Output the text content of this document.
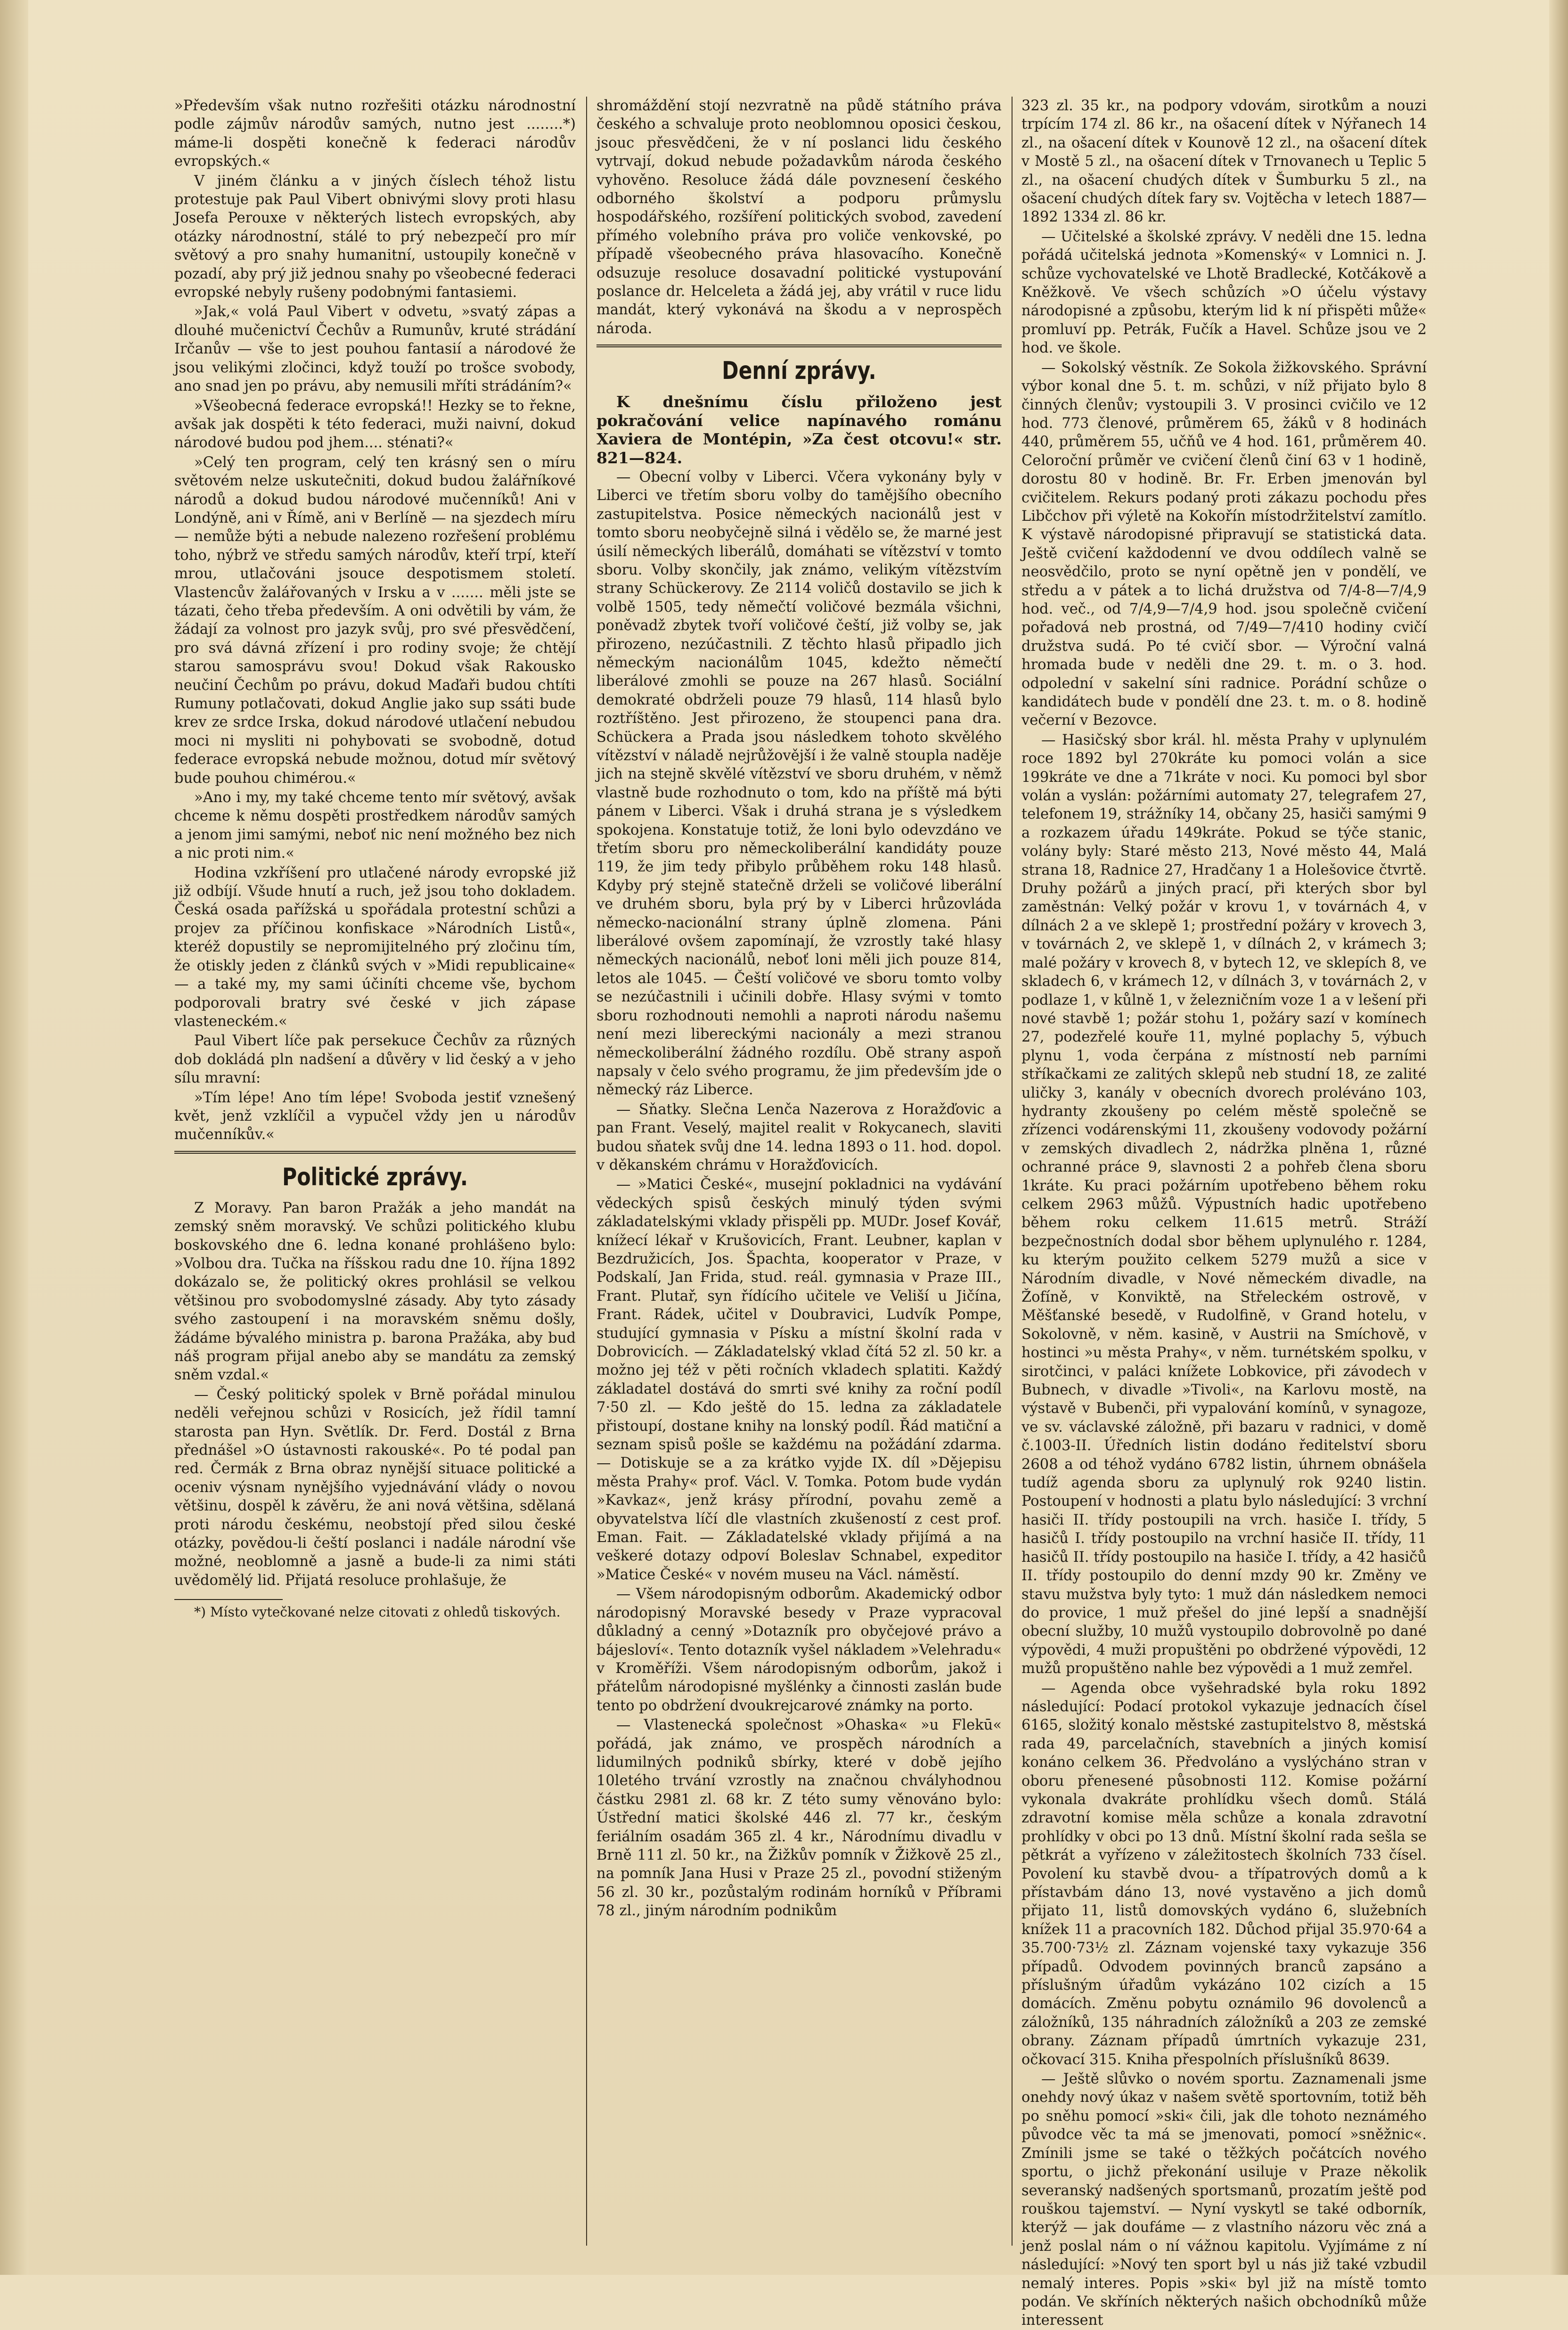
»Především však nutno rozřešiti otázku národnostní podle zájmův národův samých, nutno jest ........*) máme-li dospěti konečně k federaci národův evropských.«

V jiném článku a v jiných číslech téhož listu protestuje pak Paul Vibert obnivými slovy proti hlasu Josefa Perouxe v některých listech evropských, aby otázky národnostní, stálé to prý nebezpečí pro mír světový a pro snahy humanitní, ustoupily konečně v pozadí, aby prý již jednou snahy po všeobecné federaci evropské nebyly rušeny podobnými fantasiemi.

»Jak,« volá Paul Vibert v odvetu, »svatý zápas a dlouhé mučenictví Čechův a Rumunův, kruté strádání Irčanův — vše to jest pouhou fantasií a národové že jsou velikými zločinci, když touží po trošce svobody, ano snad jen po právu, aby nemusili mříti strádáním?«

»Všeobecná federace evropská!! Hezky se to řekne, avšak jak dospěti k této federaci, muži naivní, dokud národové budou pod jhem.... sténati?«

»Celý ten program, celý ten krásný sen o míru světovém nelze uskutečniti, dokud budou žalářníkové národů a dokud budou národové mučenníků! Ani v Londýně, ani v Římě, ani v Berlíně — na sjezdech míru — nemůže býti a nebude nalezeno rozřešení problému toho, nýbrž ve středu samých národův, kteří trpí, kteří mrou, utlačováni jsouce despotismem století. Vlastencův žalářovaných v Irsku a v ....... měli jste se tázati, čeho třeba především. A oni odvětili by vám, že žádají za volnost pro jazyk svůj, pro své přesvědčení, pro svá dávná zřízení i pro rodiny svoje; že chtějí starou samosprávu svou! Dokud však Rakousko neučiní Čechům po právu, dokud Maďaři budou chtíti Rumuny potlačovati, dokud Anglie jako sup ssáti bude krev ze srdce Irska, dokud národové utlačení nebudou moci ni mysliti ni pohybovati se svobodně, dotud federace evropská nebude možnou, dotud mír světový bude pouhou chimérou.«

»Ano i my, my také chceme tento mír světový, avšak chceme k němu dospěti prostředkem národův samých a jenom jimi samými, neboť nic není možného bez nich a nic proti nim.«

Hodina vzkříšení pro utlačené národy evropské již již odbíjí. Všude hnutí a ruch, jež jsou toho dokladem. Česká osada pařížská u spořádala protestní schůzi a projev za příčinou konfiskace »Národních Listů«, kteréž dopustily se nepromijitelného prý zločinu tím, že otiskly jeden z článků svých v »Midi republicaine« — a také my, my sami účiníti chceme vše, bychom podporovali bratry své české v jich zápase vlasteneckém.«

Paul Vibert líče pak persekuce Čechův za různých dob dokládá pln nadšení a důvěry v lid český a v jeho sílu mravní:

»Tím lépe! Ano tím lépe! Svoboda jestiť vznešený květ, jenž vzklíčil a vypučel vždy jen u národův mučenníkův.«

Politické zprávy.

Z Moravy. Pan baron Pražák a jeho mandát na zemský sněm moravský. Ve schůzi politického klubu boskovského dne 6. ledna konané prohlášeno bylo: »Volbou dra. Tučka na říšskou radu dne 10. října 1892 dokázalo se, že politický okres prohlásil se velkou většinou pro svobodomyslné zásady. Aby tyto zásady svého zastoupení i na moravském sněmu došly, žádáme bývalého ministra p. barona Pražáka, aby bud náš program přijal anebo aby se mandátu za zemský sněm vzdal.«

— Český politický spolek v Brně pořádal minulou neděli veřejnou schůzi v Rosicích, jež řídil tamní starosta pan Hyn. Světlík. Dr. Ferd. Dostál z Brna přednášel »O ústavnosti rakouské«. Po té podal pan red. Čermák z Brna obraz nynější situace politické a oceniv výsnam nynějšího vyjednávání vlády o novou většinu, dospěl k závěru, že ani nová většina, sdělaná proti národu českému, neobstojí před silou české otázky, povědou-li čeští poslanci i nadále národní vše možné, neoblomně a jasně a bude-li za nimi státi uvědomělý lid. Přijatá resoluce prohlašuje, že

*) Místo vytečkované nelze citovati z ohledů tiskových.

shromáždění stojí nezvratně na půdě státního práva českého a schvaluje proto neoblomnou oposici českou, jsouc přesvědčeni, že v ní poslanci lidu českého vytrvají, dokud nebude požadavkům národa českého vyhověno. Resoluce žádá dále povznesení českého odborného školství a podporu průmyslu hospodářského, rozšíření politických svobod, zavedení přímého volebního práva pro voliče venkovské, po případě všeobecného práva hlasovacího. Konečně odsuzuje resoluce dosavadní politické vystupování poslance dr. Helceleta a žádá jej, aby vrátil v ruce lidu mandát, který vykonává na škodu a v neprospěch národa.

Denní zprávy.

K dnešnímu číslu přiloženo jest pokračování velice napínavého románu Xaviera de Montépin, »Za čest otcovu!« str. 821—824.

— Obecní volby v Liberci. Včera vykonány byly v Liberci ve třetím sboru volby do tamějšího obecního zastupitelstva. Posice německých nacionálů jest v tomto sboru neobyčejně silná i vědělo se, že marné jest úsilí německých liberálů, domáhati se vítězství v tomto sboru. Volby skončily, jak známo, velikým vítězstvím strany Schückerovy. Ze 2114 voličů dostavilo se jich k volbě 1505, tedy němečtí voličové bezmála všichni, poněvadž zbytek tvoří voličové čeští, již volby se, jak přirozeno, nezúčastnili. Z těchto hlasů připadlo jich německým nacionálům 1045, kdežto němečtí liberálové zmohli se pouze na 267 hlasů. Sociální demokraté obdrželi pouze 79 hlasů, 114 hlasů bylo roztříštěno. Jest přirozeno, že stoupenci pana dra. Schückera a Prada jsou následkem tohoto skvělého vítězství v náladě nejrůžovější i že valně stoupla naděje jich na stejně skvělé vítězství ve sboru druhém, v němž vlastně bude rozhodnuto o tom, kdo na příště má býti pánem v Liberci. Však i druhá strana je s výsledkem spokojena. Konstatuje totiž, že loni bylo odevzdáno ve třetím sboru pro německoliberální kandidáty pouze 119, že jim tedy přibylo průběhem roku 148 hlasů. Kdyby prý stejně statečně drželi se voličové liberální ve druhém sboru, byla prý by v Liberci hrůzovláda německo-nacionální strany úplně zlomena. Páni liberálové ovšem zapomínají, že vzrostly také hlasy německých nacionálů, neboť loni měli jich pouze 814, letos ale 1045. — Čeští voličové ve sboru tomto volby se nezúčastnili i učinili dobře. Hlasy svými v tomto sboru rozhodnouti nemohli a naproti národu našemu není mezi libereckými nacionály a mezi stranou německoliberální žádného rozdílu. Obě strany aspoň napsaly v čelo svého programu, že jim především jde o německý ráz Liberce.

— Sňatky. Slečna Lenča Nazerova z Horažďovic a pan Frant. Veselý, majitel realit v Rokycanech, slaviti budou sňatek svůj dne 14. ledna 1893 o 11. hod. dopol. v děkanském chrámu v Horažďovicích.

— »Matici České«, musejní pokladnici na vydávání vědeckých spisů českých minulý týden svými základatelskými vklady přispěli pp. MUDr. Josef Kovář, knížecí lékař v Krušovicích, Frant. Leubner, kaplan v Bezdružicích, Jos. Špachta, kooperator v Praze, v Podskalí, Jan Frida, stud. reál. gymnasia v Praze III., Frant. Plutař, syn řídícího učitele ve Veliší u Jičína, Frant. Rádek, učitel v Doubravici, Ludvík Pompe, studující gymnasia v Písku a místní školní rada v Dobrovicích. — Základatelský vklad čítá 52 zl. 50 kr. a možno jej též v pěti ročních vkladech splatiti. Každý základatel dostává do smrti své knihy za roční podíl 7·50 zl. — Kdo ještě do 15. ledna za základatele přistoupí, dostane knihy na lonský podíl. Řád matiční a seznam spisů pošle se každému na požádání zdarma. — Dotiskuje se a za krátko vyjde IX. díl »Dějepisu města Prahy« prof. Václ. V. Tomka. Potom bude vydán »Kavkaz«, jenž krásy přírodní, povahu země a obyvatelstva líčí dle vlastních zkušeností z cest prof. Eman. Fait. — Základatelské vklady přijímá a na veškeré dotazy odpoví Boleslav Schnabel, expeditor »Matice České« v novém museu na Václ. náměstí.

— Všem národopisným odborům. Akademický odbor národopisný Moravské besedy v Praze vypracoval důkladný a cenný »Dotazník pro obyčejové právo a bájesloví«. Tento dotazník vyšel nákladem »Velehradu« v Kroměříži. Všem národopisným odborům, jakož i přátelům národopisné myšlénky a činnosti zaslán bude tento po obdržení dvoukrejcarové známky na porto.

— Vlastenecká společnost »Ohaska« »u Flekū« pořádá, jak známo, ve prospěch národních a lidumilných podniků sbírky, které v době jejího 10letého trvání vzrostly na značnou chvályhodnou částku 2981 zl. 68 kr. Z této sumy věnováno bylo: Ústřední matici školské 446 zl. 77 kr., českým feriálním osadám 365 zl. 4 kr., Národnímu divadlu v Brně 111 zl. 50 kr., na Žižkův pomník v Žižkově 25 zl., na pomník Jana Husi v Praze 25 zl., povodní stiženým 56 zl. 30 kr., pozůstalým rodinám horníků v Příbrami 78 zl., jiným národním podnikům

323 zl. 35 kr., na podpory vdovám, sirotkům a nouzi trpícím 174 zl. 86 kr., na ošacení dítek v Nýřanech 14 zl., na ošacení dítek v Kounově 12 zl., na ošacení dítek v Mostě 5 zl., na ošacení dítek v Trnovanech u Teplic 5 zl., na ošacení chudých dítek v Šumburku 5 zl., na ošacení chudých dítek fary sv. Vojtěcha v letech 1887—1892 1334 zl. 86 kr.

— Učitelské a školské zprávy. V neděli dne 15. ledna pořádá učitelská jednota »Komenský« v Lomnici n. J. schůze vychovatelské ve Lhotě Bradlecké, Kotčákově a Kněžkově. Ve všech schůzích »O účelu výstavy národopisné a způsobu, kterým lid k ní přispěti může« promluví pp. Petrák, Fučík a Havel. Schůze jsou ve 2 hod. ve škole.

— Sokolský věstník. Ze Sokola žižkovského. Správní výbor konal dne 5. t. m. schůzi, v níž přijato bylo 8 činných členův; vystoupili 3. V prosinci cvičilo ve 12 hod. 773 členové, průměrem 65, žáků v 8 hodinách 440, průměrem 55, učňů ve 4 hod. 161, průměrem 40. Celoroční průměr ve cvičení členů činí 63 v 1 hodině, dorostu 80 v hodině. Br. Fr. Erben jmenován byl cvičitelem. Rekurs podaný proti zákazu pochodu přes Libčchov při výletě na Kokořín místodržitelství zamítlo. K výstavě národopisné připravují se statistická data. Ještě cvičení každodenní ve dvou oddílech valně se neosvědčilo, proto se nyní opětně jen v pondělí, ve středu a v pátek a to lichá družstva od 7/4-8—7/4,9 hod. več., od 7/4,9—7/4,9 hod. jsou společně cvičení pořadová neb prostná, od 7/49—7/410 hodiny cvičí družstva sudá. Po té cvičí sbor. — Výroční valná hromada bude v neděli dne 29. t. m. o 3. hod. odpolední v sakelní síni radnice. Porádní schůze o kandidátech bude v pondělí dne 23. t. m. o 8. hodině večerní v Bezovce.

— Hasičský sbor král. hl. města Prahy v uplynulém roce 1892 byl 270kráte ku pomoci volán a sice 199kráte ve dne a 71kráte v noci. Ku pomoci byl sbor volán a vyslán: požárními automaty 27, telegrafem 27, telefonem 19, strážníky 14, občany 25, hasiči samými 9 a rozkazem úřadu 149kráte. Pokud se týče stanic, volány byly: Staré město 213, Nové město 44, Malá strana 18, Radnice 27, Hradčany 1 a Holešovice čtvrtě. Druhy požárů a jiných prací, při kterých sbor byl zaměstnán: Velký požár v krovu 1, v továrnách 4, v dílnách 2 a ve sklepě 1; prostřední požáry v krovech 3, v továrnách 2, ve sklepě 1, v dílnách 2, v krámech 3; malé požáry v krovech 8, v bytech 12, ve sklepích 8, ve skladech 6, v krámech 12, v dílnách 3, v továrnách 2, v podlaze 1, v kůlně 1, v železničním voze 1 a v lešení při nové stavbě 1; požár stohu 1, požáry sazí v komínech 27, podezřelé kouře 11, mylné poplachy 5, výbuch plynu 1, voda čerpána z místností neb parními stříkačkami ze zalitých sklepů neb studní 18, ze zalité uličky 3, kanály v obecních dvorech proléváno 103, hydranty zkoušeny po celém městě společně se zřízenci vodárenskými 11, zkoušeny vodovody požární v zemských divadlech 2, nádržka plněna 1, různé ochranné práce 9, slavnosti 2 a pohřeb člena sboru 1kráte. Ku praci požárním upotřebeno během roku celkem 2963 můžů. Výpustních hadic upotřebeno během roku celkem 11.615 metrů. Stráží bezpečnostních dodal sbor během uplynulého r. 1284, ku kterým použito celkem 5279 mužů a sice v Národním divadle, v Nové německém divadle, na Žofíně, v Konviktě, na Střeleckém ostrově, v Měšťanské besedě, v Rudolfině, v Grand hotelu, v Sokolovně, v něm. kasině, v Austrii na Smíchově, v hostinci »u města Prahy«, v něm. turnétském spolku, v sirotčinci, v paláci knížete Lobkovice, při závodech v Bubnech, v divadle »Tivoli«, na Karlovu mostě, na výstavě v Bubenči, při vypalování komínů, v synagoze, ve sv. václavské záložně, při bazaru v radnici, v domě č.1003-II. Úředních listin dodáno ředitelství sboru 2608 a od téhož vydáno 6782 listin, úhrnem obnášela tudíž agenda sboru za uplynulý rok 9240 listin. Postoupení v hodnosti a platu bylo následující: 3 vrchní hasiči II. třídy postoupili na vrch. hasiče I. třídy, 5 hasičů I. třídy postoupilo na vrchní hasiče II. třídy, 11 hasičů II. třídy postoupilo na hasiče I. třídy, a 42 hasičů II. třídy postoupilo do denní mzdy 90 kr. Změny ve stavu mužstva byly tyto: 1 muž dán následkem nemoci do provice, 1 muž přešel do jiné lepší a snadnější obecní služby, 10 mužů vystoupilo dobrovolně po dané výpovědi, 4 muži propuštěni po obdržené výpovědi, 12 mužů propuštěno nahle bez výpovědi a 1 muž zemřel.

— Agenda obce vyšehradské byla roku 1892 následující: Podací protokol vykazuje jednacích čísel 6165, složitý konalo městské zastupitelstvo 8, městská rada 49, parcelačních, stavebních a jiných komisí konáno celkem 36. Předvoláno a vyslýcháno stran v oboru přenesené působnosti 112. Komise požární vykonala dvakráte prohlídku všech domů. Stálá zdravotní komise měla schůze a konala zdravotní prohlídky v obci po 13 dnů. Místní školní rada sešla se pětkrát a vyřízeno v záležitostech školních 733 čísel. Povolení ku stavbě dvou- a třípatrových domů a k přístavbám dáno 13, nové vystavěno a jich domů přijato 11, listů domovských vydáno 6, služebních knížek 11 a pracovních 182. Důchod přijal 35.970·64 a 35.700·73½ zl. Záznam vojenské taxy vykazuje 356 případů. Odvodem povinných branců zapsáno a příslušným úřadům vykázáno 102 cizích a 15 domácích. Změnu pobytu oznámilo 96 dovolenců a záložníků, 135 náhradních záložníků a 203 ze zemské obrany. Záznam případů úmrtních vykazuje 231, očkovací 315. Kniha přespolních příslušníků 8639.

— Ještě slůvko o novém sportu. Zaznamenali jsme onehdy nový úkaz v našem světě sportovním, totiž běh po sněhu pomocí »ski« čili, jak dle tohoto neznámého původce věc ta má se jmenovati, pomocí »sněžnic«. Zmínili jsme se také o těžkých počátcích nového sportu, o jichž překonání usiluje v Praze několik severanský nadšených sportsmanů, prozatím ještě pod rouškou tajemství. — Nyní vyskytl se také odborník, kterýž — jak doufáme — z vlastního názoru věc zná a jenž poslal nám o ní vážnou kapitolu. Vyjímáme z ní následující: »Nový ten sport byl u nás již také vzbudil nemalý interes. Popis »ski« byl již na místě tomto podán. Ve skříních některých našich obchodníků může interessent
